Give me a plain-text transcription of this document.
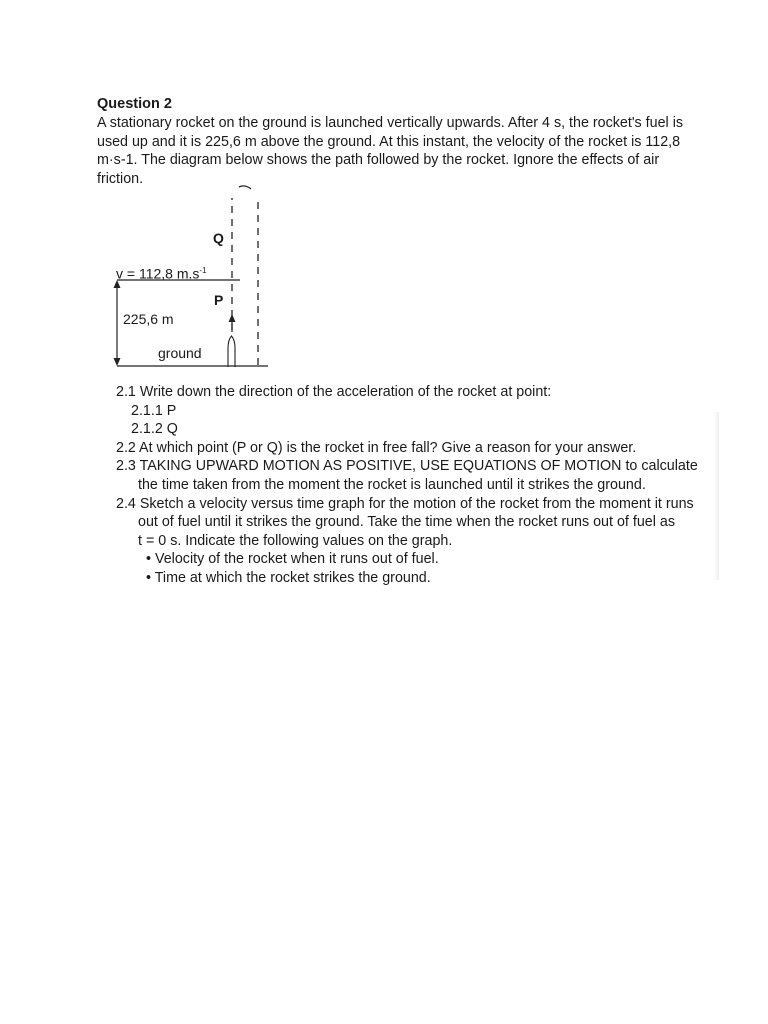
Question 2
A stationary rocket on the ground is launched vertically upwards. After 4 s, the rocket's fuel is
used up and it is 225,6 m above the ground. At this instant, the velocity of the rocket is 112,8
m·s-1. The diagram below shows the path followed by the rocket. Ignore the effects of air
friction.
Q
P
v = 112,8 $m.s^{-1}$
225,6 m
ground
2.1 Write down the direction of the acceleration of the rocket at point:
2.1.1 P
2.1.2 Q
2.2 At which point (P or Q) is the rocket in free fall? Give a reason for your answer.
2.3 TAKING UPWARD MOTION AS POSITIVE, USE EQUATIONS OF MOTION to calculate
the time taken from the moment the rocket is launched until it strikes the ground.
2.4 Sketch a velocity versus time graph for the motion of the rocket from the moment it runs
out of fuel until it strikes the ground. Take the time when the rocket runs out of fuel as
t = 0 s. Indicate the following values on the graph.
• Velocity of the rocket when it runs out of fuel.
• Time at which the rocket strikes the ground.
